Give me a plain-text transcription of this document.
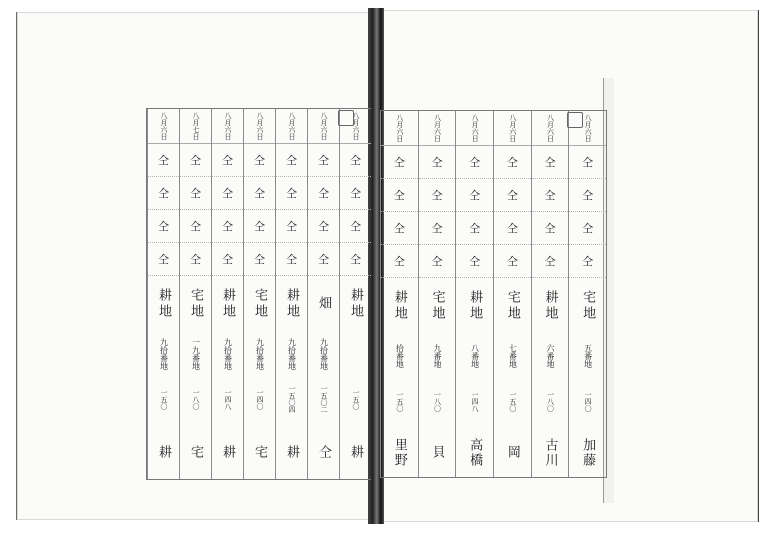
八月六日
仝
仝
仝
仝
耕地
一五〇
耕
八月六日
仝
仝
仝
仝
畑
九拾番地
一五〇二
仝
八月六日
仝
仝
仝
仝
耕地
九拾番地
一五〇四
耕
八月六日
仝
仝
仝
仝
宅地
九拾番地
一四〇
宅
八月六日
仝
仝
仝
仝
耕地
九拾番地
一四八
耕
八月七日
仝
仝
仝
仝
宅地
一九番地
一八〇
宅
八月六日
仝
仝
仝
仝
耕地
九拾番地
一五〇
耕
八月六日
仝
仝
仝
仝
宅地
五番地
一四〇
加藤
八月六日
仝
仝
仝
仝
耕地
六番地
一八〇
古川
八月六日
仝
仝
仝
仝
宅地
七番地
一五〇
岡
八月六日
仝
仝
仝
仝
耕地
八番地
一四八
高橋
八月六日
仝
仝
仝
仝
宅地
九番地
一八〇
貝
八月六日
仝
仝
仝
仝
耕地
拾番地
一五〇
里野
